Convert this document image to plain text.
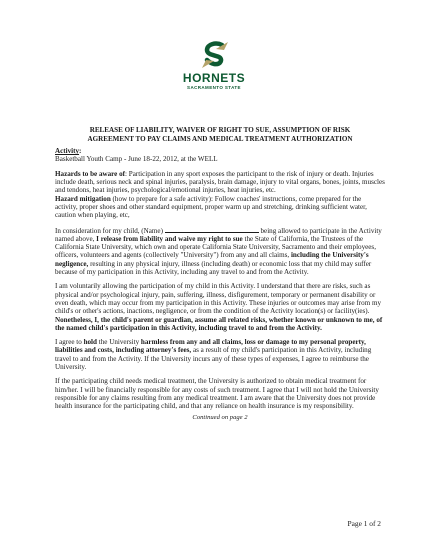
HORNETS
SACRAMENTO STATE
RELEASE OF LIABILITY, WAIVER OF RIGHT TO SUE, ASSUMPTION OF RISK
AGREEMENT TO PAY CLAIMS AND MEDICAL TREATMENT AUTHORIZATION

Activity:
Basketball Youth Camp - June 18-22, 2012, at the WELL

Hazards to be aware of: Participation in any sport exposes the participant to the risk of injury or death. Injuries include death, serious neck and spinal injuries, paralysis, brain damage, injury to vital organs, bones, joints, muscles and tendons, heat injuries, psychological/emotional injuries, heat injuries, etc.
Hazard mitigation (how to prepare for a safe activity): Follow coaches' instructions, come prepared for the activity, proper shoes and other standard equipment, proper warm up and stretching, drinking sufficient water, caution when playing, etc,

In consideration for my child, (Name)	being allowed to participate in the Activity named above, I release from liability and waive my right to sue the State of California, the Trustees of the California State University, which own and operate California State University, Sacramento and their employees, officers, volunteers and agents (collectively "University") from any and all claims, including the University's negligence, resulting in any physical injury, illness (including death) or economic loss that my child may suffer because of my participation in this Activity, including any travel to and from the Activity.

I am voluntarily allowing the participation of my child in this Activity. I understand that there are risks, such as physical and/or psychological injury, pain, suffering, illness, disfigurement, temporary or permanent disability or even death, which may occur from my participation in this Activity. These injuries or outcomes may arise from my child's or other's actions, inactions, negligence, or from the condition of the Activity location(s) or facility(ies). Nonetheless, I, the child's parent or guardian, assume all related risks, whether known or unknown to me, of the named child's participation in this Activity, including travel to and from the Activity.

I agree to hold the University harmless from any and all claims, loss or damage to my personal property, liabilities and costs, including attorney's fees, as a result of my child's participation in this Activity, including travel to and from the Activity. If the University incurs any of these types of expenses, I agree to reimburse the University.

If the participating child needs medical treatment, the University is authorized to obtain medical treatment for him/her. I will be financially responsible for any costs of such treatment. I agree that I will not hold the University responsible for any claims resulting from any medical treatment. I am aware that the University does not provide health insurance for the participating child, and that any reliance on health insurance is my responsibility.

Continued on page 2
Page 1 of 2
